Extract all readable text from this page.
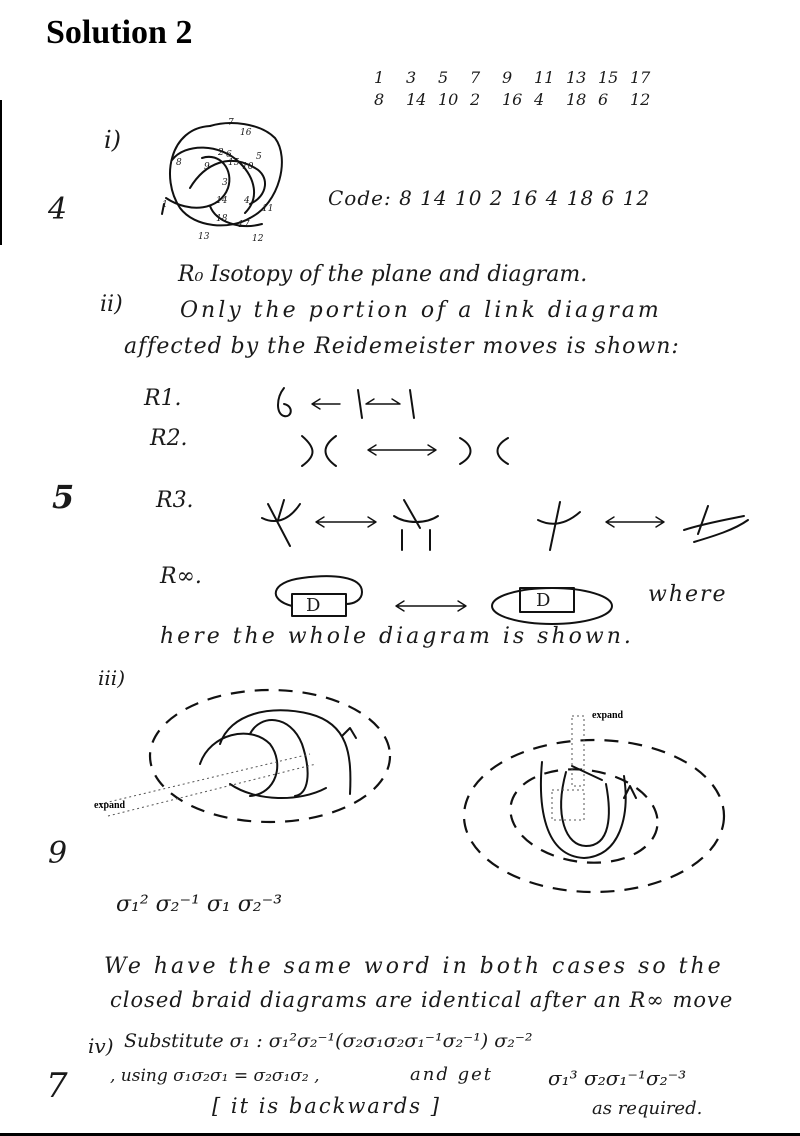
Solution 2
4
5
9
7
i)
ii)
iii)
1 3 5 7 9 11 13 15 17
8 14 10 2 16 4 18 6 12
7
16
6	5
8 9 15 10
3
14 4
11
18
17
1
13	12
2
Code: 8 14 10 2 16 4 18 6 12
R₀ Isotopy of the plane and diagram.
Only the portion of a link diagram
affected by the Reidemeister moves is shown:
R1.
R2.
R3.
R∞.
D	D	where
here the whole diagram is shown.
expand
expand
σ₁² σ₂⁻¹ σ₁ σ₂⁻³
We have the same word in both cases so the
closed braid diagrams are identical after an R∞ move
iv) Substitute σ₁ : σ₁²σ₂⁻¹(σ₂σ₁σ₂σ₁⁻¹σ₂⁻¹) σ₂⁻²
, using σ₁σ₂σ₁ = σ₂σ₁σ₂ ,	and get	σ₁³ σ₂σ₁⁻¹σ₂⁻³
[ it is backwards ]	as required.
